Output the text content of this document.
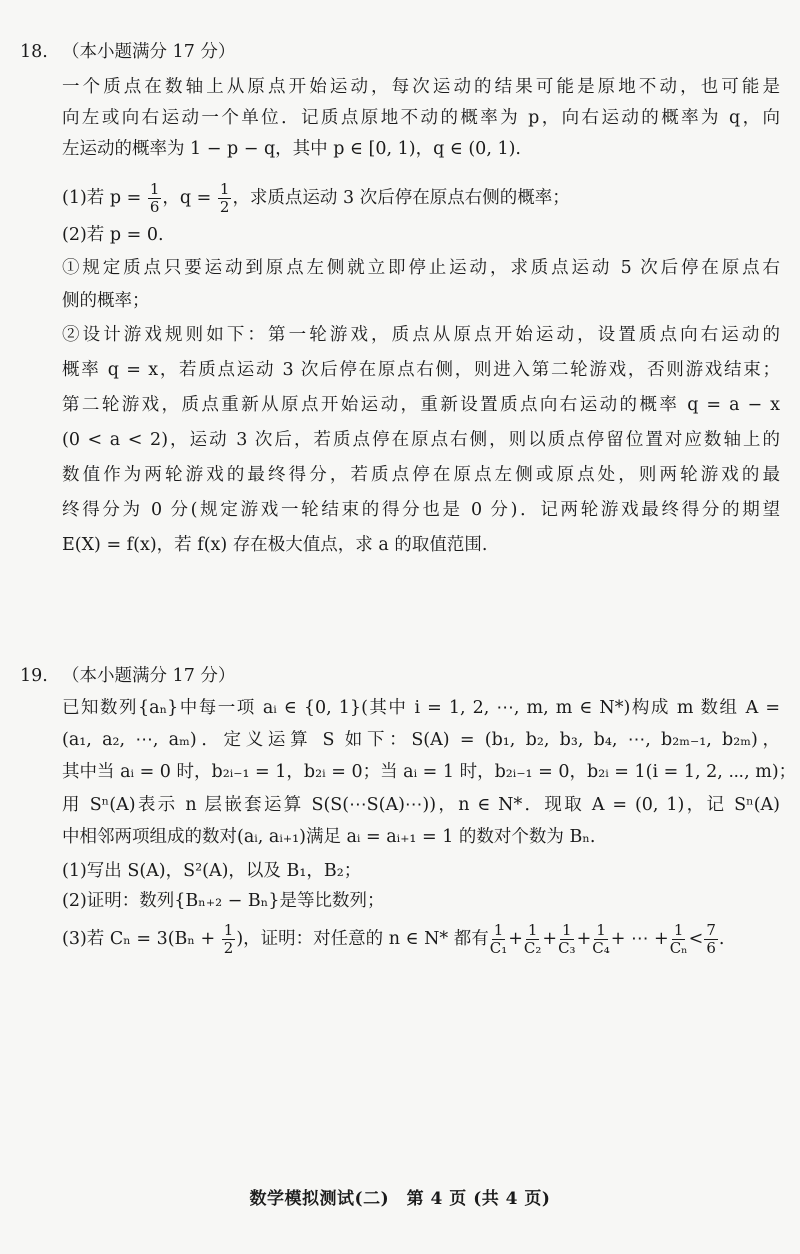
18. （本小题满分 17 分）
一个质点在数轴上从原点开始运动，每次运动的结果可能是原地不动，也可能是
向左或向右运动一个单位．记质点原地不动的概率为 p，向右运动的概率为 q，向
左运动的概率为 1 − p − q，其中 p ∈ [0, 1)，q ∈ (0, 1).
(1)若 $p = \frac{1}{6}$ ，$q = \frac{1}{2}$ ，求质点运动 3 次后停在原点右侧的概率；
(2)若 p = 0.
①规定质点只要运动到原点左侧就立即停止运动，求质点运动 5 次后停在原点右
侧的概率；
②设计游戏规则如下：第一轮游戏，质点从原点开始运动，设置质点向右运动的
概率 q = x，若质点运动 3 次后停在原点右侧，则进入第二轮游戏，否则游戏结束；
第二轮游戏，质点重新从原点开始运动，重新设置质点向右运动的概率 q = a − x
(0 < a < 2)，运动 3 次后，若质点停在原点右侧，则以质点停留位置对应数轴上的
数值作为两轮游戏的最终得分，若质点停在原点左侧或原点处，则两轮游戏的最
终得分为 0 分(规定游戏一轮结束的得分也是 0 分)．记两轮游戏最终得分的期望
E(X) = f(x)，若 f(x) 存在极大值点，求 a 的取值范围.
19. （本小题满分 17 分）
已知数列{aₙ}中每一项 aᵢ ∈ {0, 1}(其中 i = 1, 2, ⋯, m, m ∈ N*)构成 m 数组 A =
(a₁, a₂, ⋯, aₘ)．定义运算 S 如下：S(A) = (b₁, b₂, b₃, b₄, ⋯, b₂ₘ₋₁, b₂ₘ)，
其中当 aᵢ = 0 时，b₂ᵢ₋₁ = 1，b₂ᵢ = 0；当 aᵢ = 1 时，b₂ᵢ₋₁ = 0，b₂ᵢ = 1(i = 1, 2, ⋯, m)；
用 Sⁿ(A)表示 n 层嵌套运算 S(S(⋯S(A)⋯))，n ∈ N*．现取 A = (0, 1)，记 Sⁿ(A)
中相邻两项组成的数对(aᵢ, aᵢ₊₁)满足 aᵢ = aᵢ₊₁ = 1 的数对个数为 Bₙ.
(1)写出 S(A)，S²(A)，以及 B₁，B₂；
(2)证明：数列{Bₙ₊₂ − Bₙ}是等比数列；
(3)若 $C_n = 3(B_n + \frac{1}{2}$ )，证明：对任意的 n ∈ N* 都有 $\frac{1}{\text{C₁}} + \frac{1}{\text{C₂}} + \frac{1}{\text{C₃}} + \frac{1}{\text{C₄}}$ + ⋯ + $\frac{1}{\text{Cₙ}} < \frac{7}{6}$ .
数学模拟测试(二)　第 4 页 (共 4 页)
